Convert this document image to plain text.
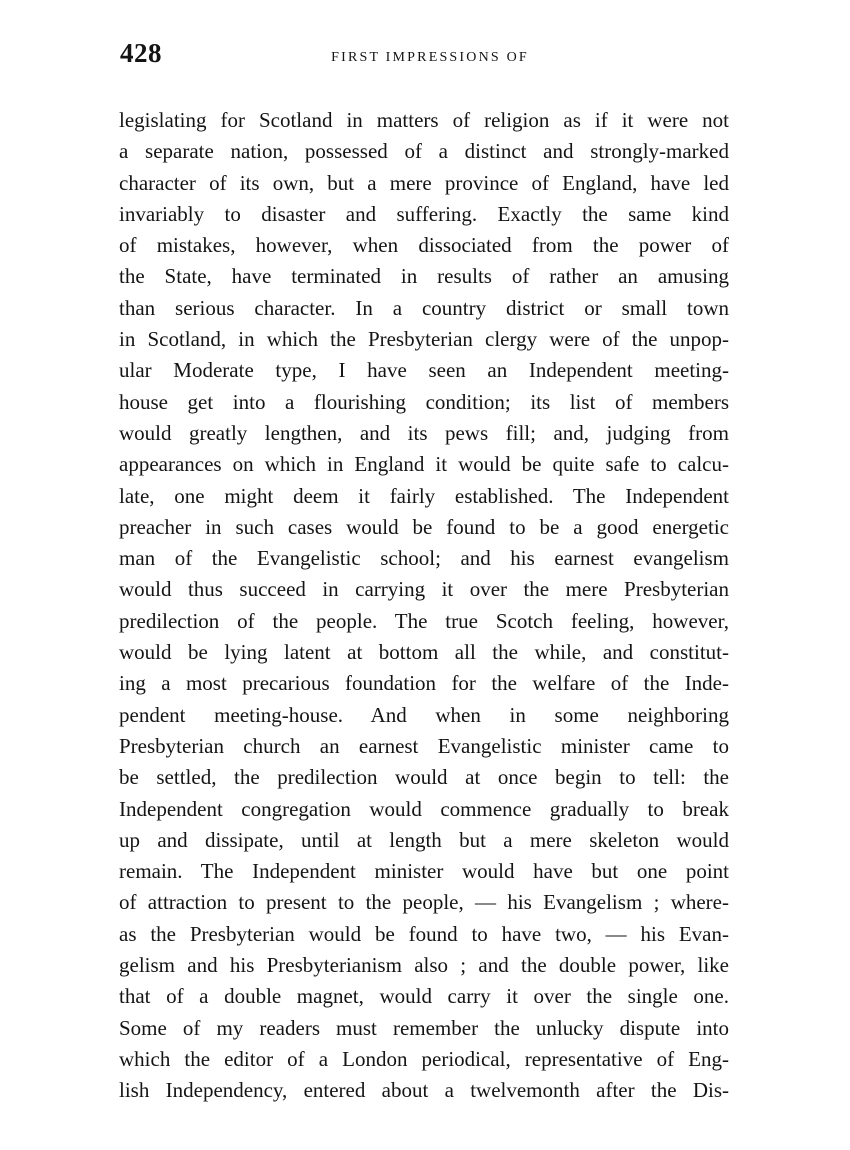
428	FIRST IMPRESSIONS OF
legislating for Scotland in matters of religion as if it were not
a separate nation, possessed of a distinct and strongly-marked
character of its own, but a mere province of England, have led
invariably to disaster and suffering. Exactly the same kind
of mistakes, however, when dissociated from the power of
the State, have terminated in results of rather an amusing
than serious character. In a country district or small town
in Scotland, in which the Presbyterian clergy were of the unpop-
ular Moderate type, I have seen an Independent meeting-
house get into a flourishing condition; its list of members
would greatly lengthen, and its pews fill; and, judging from
appearances on which in England it would be quite safe to calcu-
late, one might deem it fairly established. The Independent
preacher in such cases would be found to be a good energetic
man of the Evangelistic school; and his earnest evangelism
would thus succeed in carrying it over the mere Presbyterian
predilection of the people. The true Scotch feeling, however,
would be lying latent at bottom all the while, and constitut-
ing a most precarious foundation for the welfare of the Inde-
pendent meeting-house. And when in some neighboring
Presbyterian church an earnest Evangelistic minister came to
be settled, the predilection would at once begin to tell: the
Independent congregation would commence gradually to break
up and dissipate, until at length but a mere skeleton would
remain. The Independent minister would have but one point
of attraction to present to the people, — his Evangelism ; where-
as the Presbyterian would be found to have two, — his Evan-
gelism and his Presbyterianism also ; and the double power, like
that of a double magnet, would carry it over the single one.
Some of my readers must remember the unlucky dispute into
which the editor of a London periodical, representative of Eng-
lish Independency, entered about a twelvemonth after the Dis-
